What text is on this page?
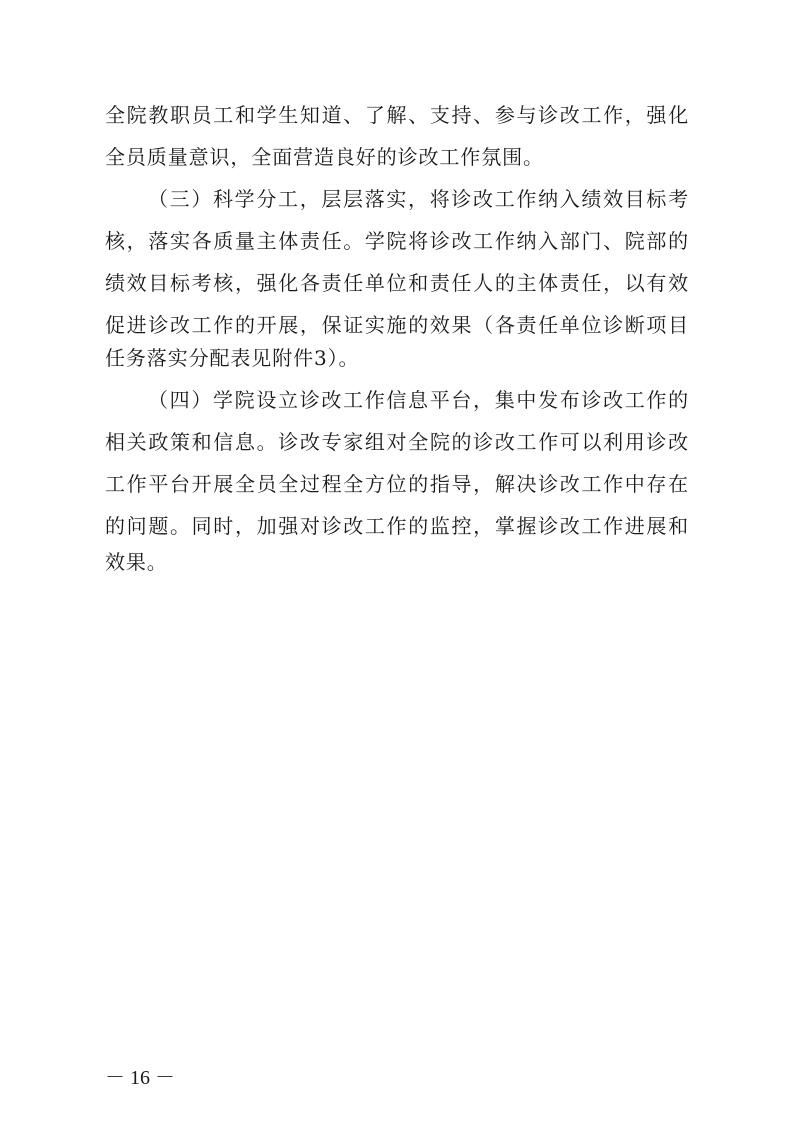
全院教职员工和学生知道、了解、支持、参与诊改工作，强化
全员质量意识，全面营造良好的诊改工作氛围。
（三）科学分工，层层落实，将诊改工作纳入绩效目标考
核，落实各质量主体责任。学院将诊改工作纳入部门、院部的
绩效目标考核，强化各责任单位和责任人的主体责任，以有效
促进诊改工作的开展，保证实施的效果（各责任单位诊断项目
任务落实分配表见附件3）。
（四）学院设立诊改工作信息平台，集中发布诊改工作的
相关政策和信息。诊改专家组对全院的诊改工作可以利用诊改
工作平台开展全员全过程全方位的指导，解决诊改工作中存在
的问题。同时，加强对诊改工作的监控，掌握诊改工作进展和
效果。
－ 16 －
